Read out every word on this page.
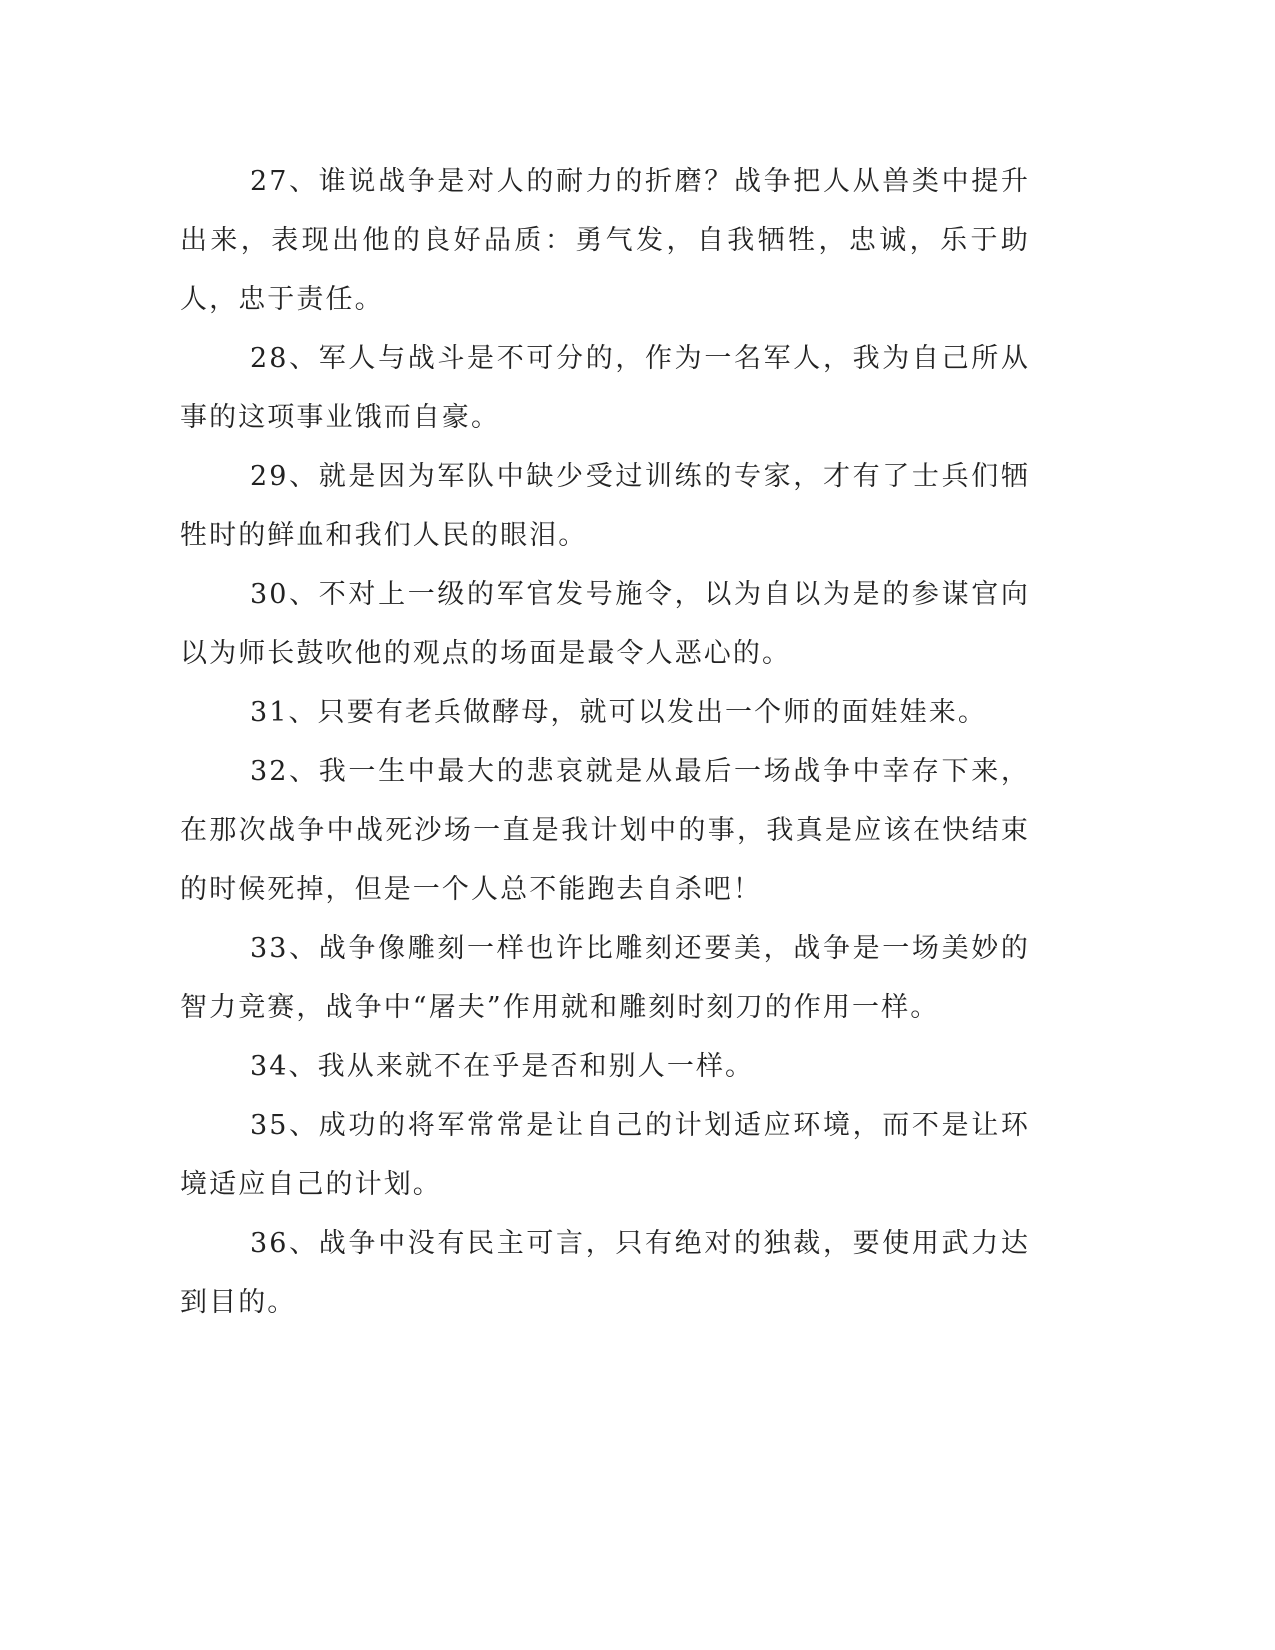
27、谁说战争是对人的耐力的折磨？战争把人从兽类中提升出来，表现出他的良好品质：勇气发，自我牺牲，忠诚，乐于助人，忠于责任。

28、军人与战斗是不可分的，作为一名军人，我为自己所从事的这项事业饿而自豪。

29、就是因为军队中缺少受过训练的专家，才有了士兵们牺牲时的鲜血和我们人民的眼泪。

30、不对上一级的军官发号施令，以为自以为是的参谋官向以为师长鼓吹他的观点的场面是最令人恶心的。

31、只要有老兵做酵母，就可以发出一个师的面娃娃来。

32、我一生中最大的悲哀就是从最后一场战争中幸存下来，在那次战争中战死沙场一直是我计划中的事，我真是应该在快结束的时候死掉，但是一个人总不能跑去自杀吧！

33、战争像雕刻一样也许比雕刻还要美，战争是一场美妙的智力竞赛，战争中“屠夫”作用就和雕刻时刻刀的作用一样。

34、我从来就不在乎是否和别人一样。

35、成功的将军常常是让自己的计划适应环境，而不是让环境适应自己的计划。

36、战争中没有民主可言，只有绝对的独裁，要使用武力达到目的。
